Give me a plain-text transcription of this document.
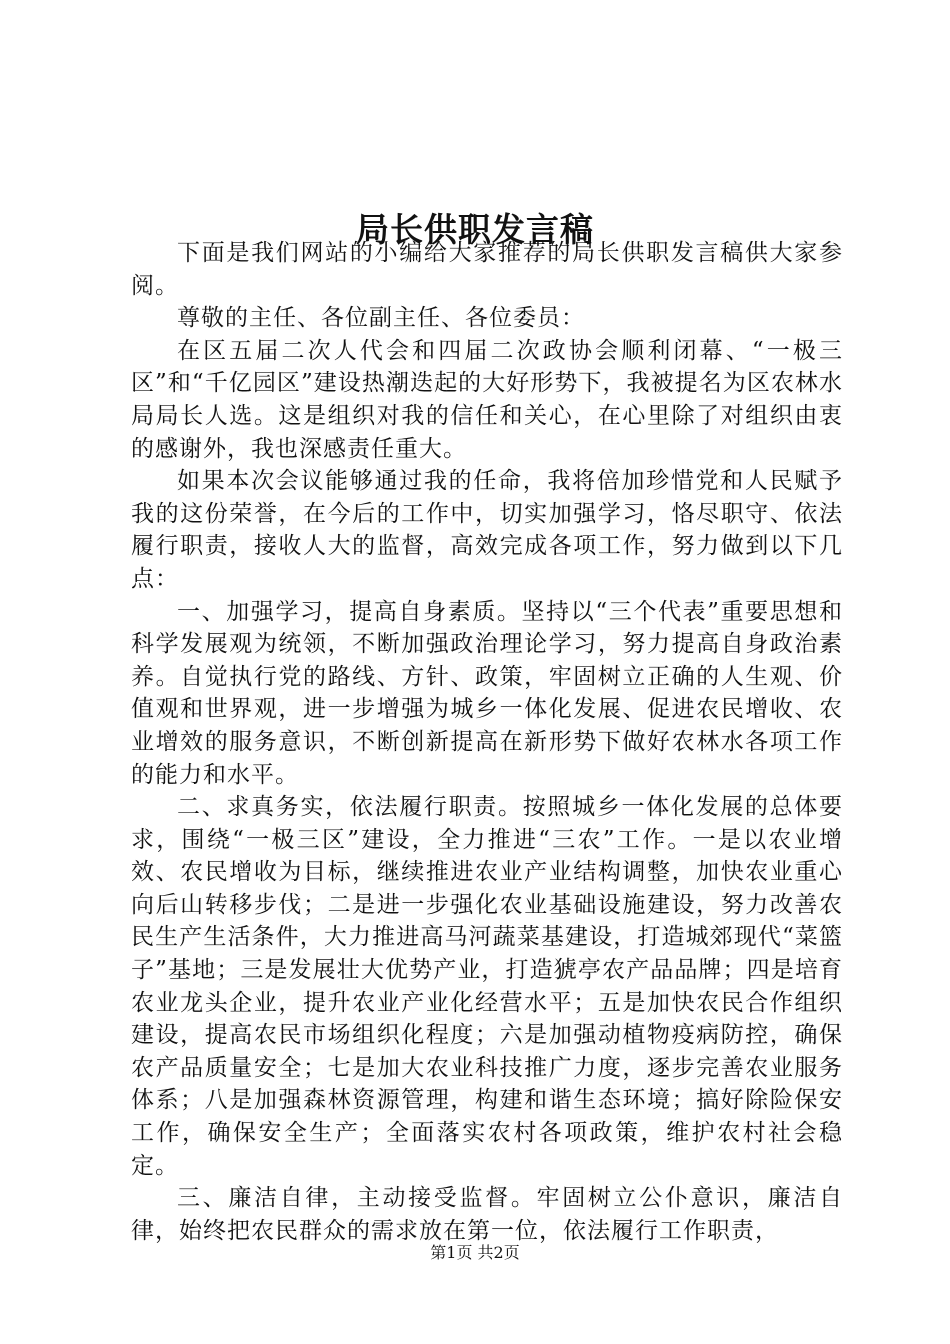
局长供职发言稿

下面是我们网站的小编给大家推荐的局长供职发言稿供大家参阅。

尊敬的主任、各位副主任、各位委员：

在区五届二次人代会和四届二次政协会顺利闭幕、“一极三区”和“千亿园区”建设热潮迭起的大好形势下，我被提名为区农林水局局长人选。这是组织对我的信任和关心，在心里除了对组织由衷的感谢外，我也深感责任重大。

如果本次会议能够通过我的任命，我将倍加珍惜党和人民赋予我的这份荣誉，在今后的工作中，切实加强学习，恪尽职守、依法履行职责，接收人大的监督，高效完成各项工作，努力做到以下几点：

一、加强学习，提高自身素质。坚持以“三个代表”重要思想和科学发展观为统领，不断加强政治理论学习，努力提高自身政治素养。自觉执行党的路线、方针、政策，牢固树立正确的人生观、价值观和世界观，进一步增强为城乡一体化发展、促进农民增收、农业增效的服务意识，不断创新提高在新形势下做好农林水各项工作的能力和水平。

二、求真务实，依法履行职责。按照城乡一体化发展的总体要求，围绕“一极三区”建设，全力推进“三农”工作。一是以农业增效、农民增收为目标，继续推进农业产业结构调整，加快农业重心向后山转移步伐；二是进一步强化农业基础设施建设，努力改善农民生产生活条件，大力推进高马河蔬菜基建设，打造城郊现代“菜篮子”基地；三是发展壮大优势产业，打造猇亭农产品品牌；四是培育农业龙头企业，提升农业产业化经营水平；五是加快农民合作组织建设，提高农民市场组织化程度；六是加强动植物疫病防控，确保农产品质量安全；七是加大农业科技推广力度，逐步完善农业服务体系；八是加强森林资源管理，构建和谐生态环境；搞好除险保安工作，确保安全生产；全面落实农村各项政策，维护农村社会稳定。

三、廉洁自律，主动接受监督。牢固树立公仆意识，廉洁自律，始终把农民群众的需求放在第一位，依法履行工作职责，

第1页 共2页
